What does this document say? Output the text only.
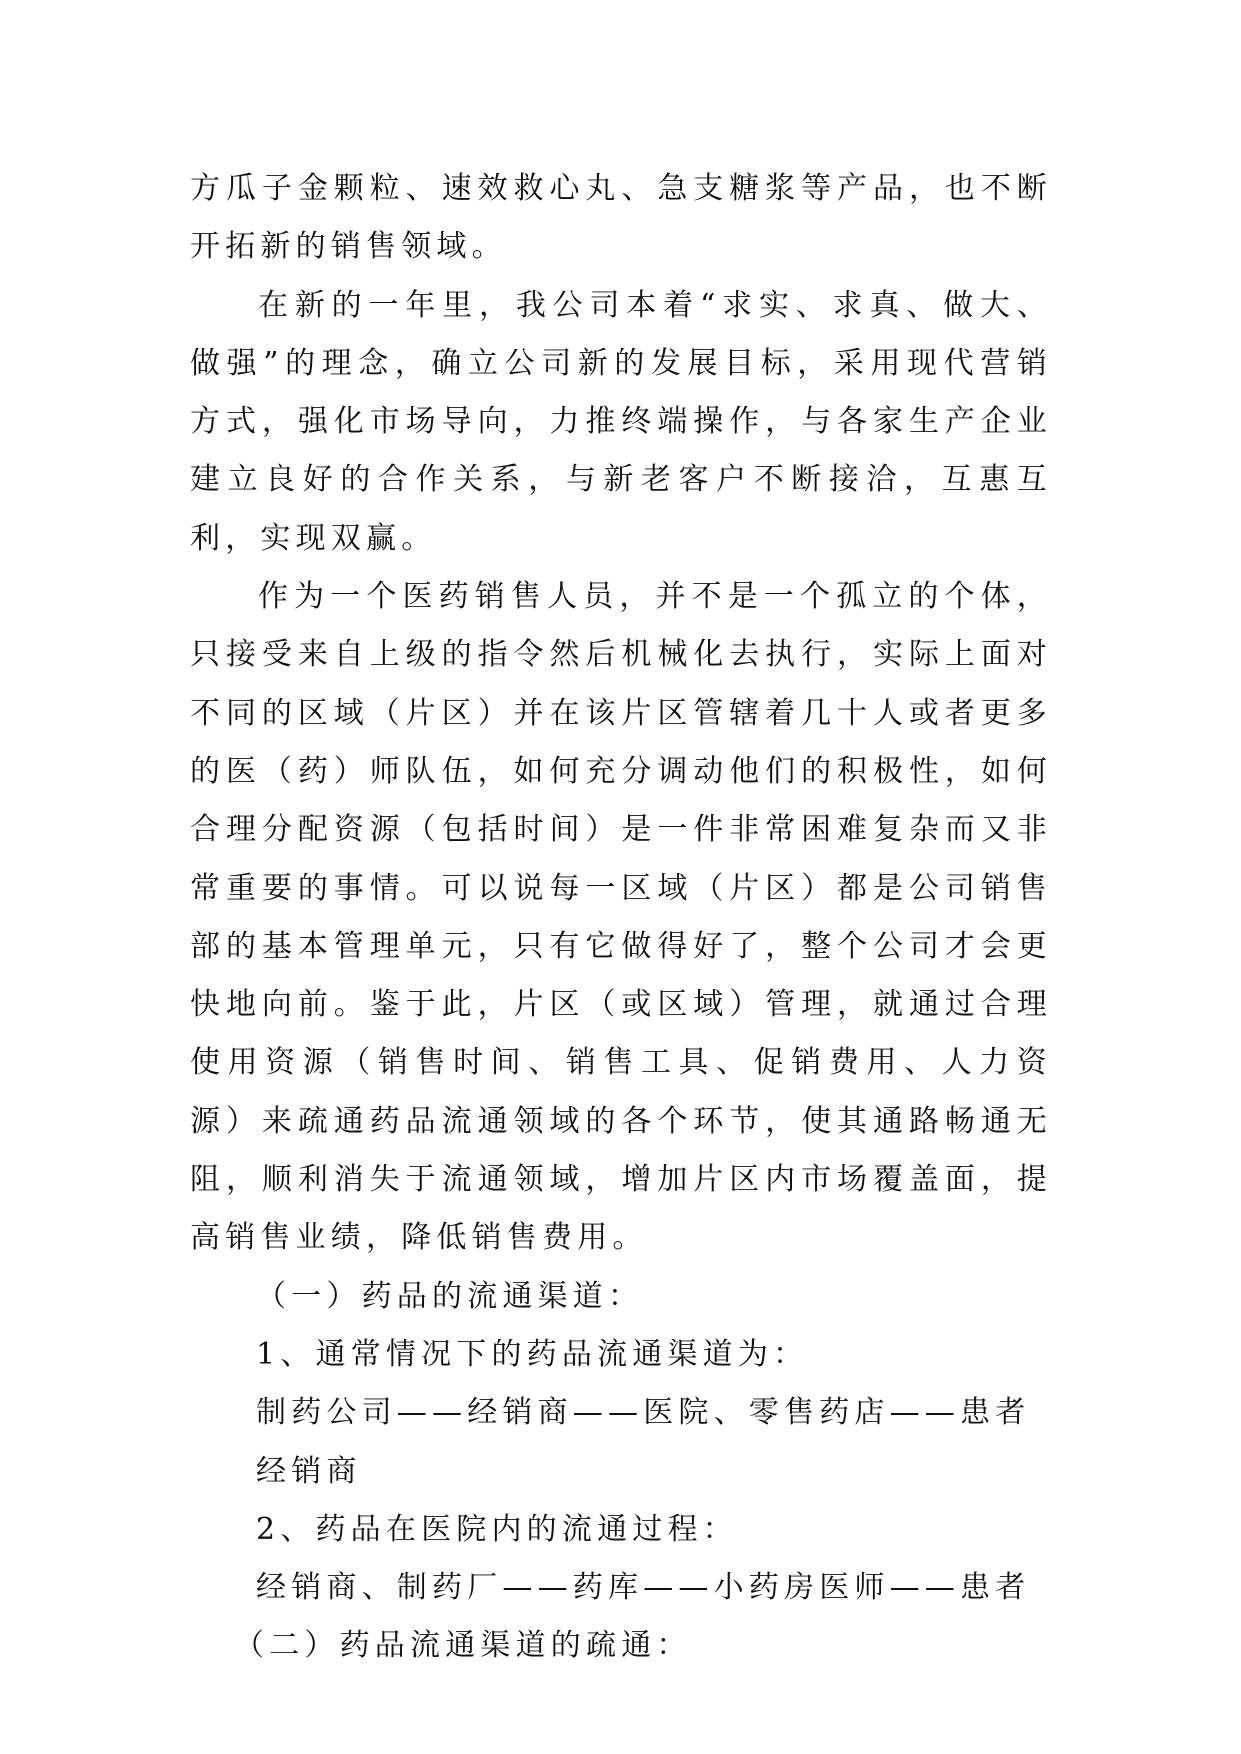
方瓜子金颗粒、速效救心丸、急支糖浆等产品，也不断开拓新的销售领域。

在新的一年里，我公司本着“求实、求真、做大、做强”的理念，确立公司新的发展目标，采用现代营销方式，强化市场导向，力推终端操作，与各家生产企业建立良好的合作关系，与新老客户不断接洽，互惠互利，实现双赢。

作为一个医药销售人员，并不是一个孤立的个体，只接受来自上级的指令然后机械化去执行，实际上面对不同的区域（片区）并在该片区管辖着几十人或者更多的医（药）师队伍，如何充分调动他们的积极性，如何合理分配资源（包括时间）是一件非常困难复杂而又非常重要的事情。可以说每一区域（片区）都是公司销售部的基本管理单元，只有它做得好了，整个公司才会更快地向前。鉴于此，片区（或区域）管理，就通过合理使用资源（销售时间、销售工具、促销费用、人力资源）来疏通药品流通领域的各个环节，使其通路畅通无阻，顺利消失于流通领域，增加片区内市场覆盖面，提高销售业绩，降低销售费用。

（一）药品的流通渠道：

1、通常情况下的药品流通渠道为：

制药公司——经销商——医院、零售药店——患者

经销商

2、药品在医院内的流通过程：

经销商、制药厂——药库——小药房医师——患者

（二）药品流通渠道的疏通：
